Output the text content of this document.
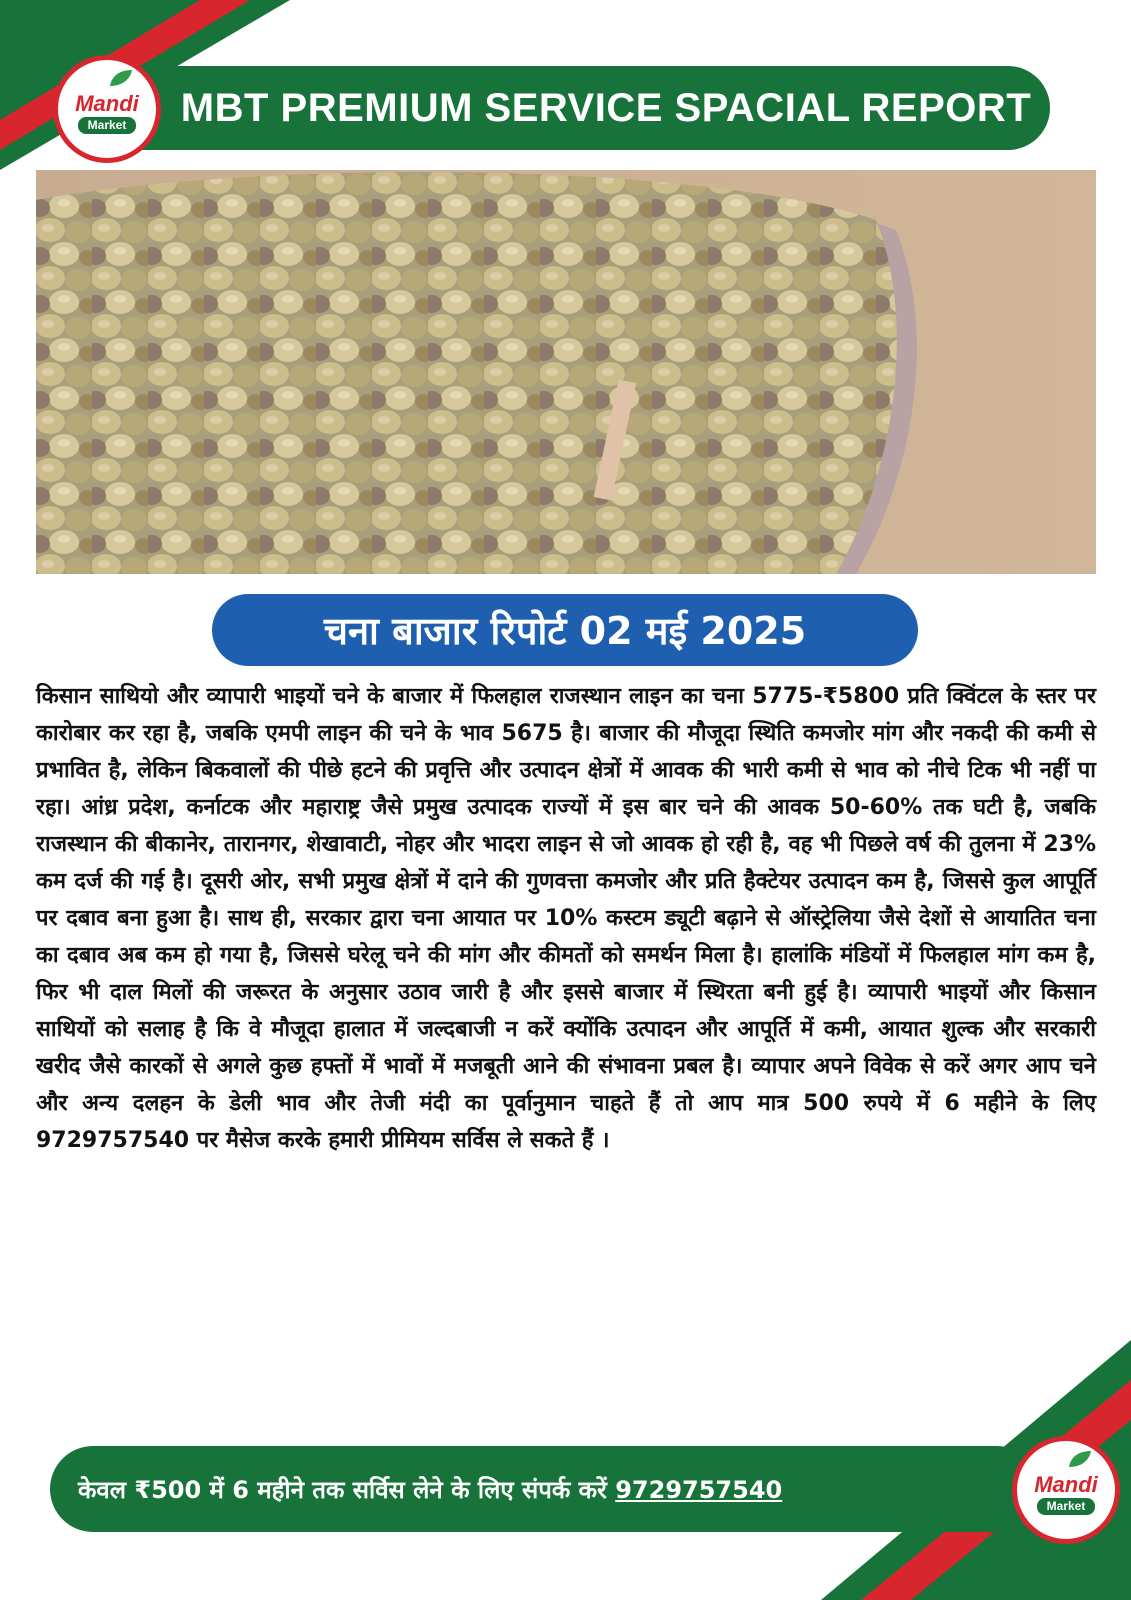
MBT PREMIUM SERVICE SPACIAL REPORT
Mandi
Market
चना बाजार रिपोर्ट 02 मई 2025

किसान साथियो और व्यापारी भाइयों चने के बाजार में फिलहाल राजस्थान लाइन का चना 5775-₹5800 प्रति क्विंटल के स्तर पर कारोबार कर रहा है, जबकि एमपी लाइन की चने के भाव 5675 है। बाजार की मौजूदा स्थिति कमजोर मांग और नकदी की कमी से प्रभावित है, लेकिन बिकवालों की पीछे हटने की प्रवृत्ति और उत्पादन क्षेत्रों में आवक की भारी कमी से भाव को नीचे टिक भी नहीं पा रहा। आंध्र प्रदेश, कर्नाटक और महाराष्ट्र जैसे प्रमुख उत्पादक राज्यों में इस बार चने की आवक 50-60% तक घटी है, जबकि राजस्थान की बीकानेर, तारानगर, शेखावाटी, नोहर और भादरा लाइन से जो आवक हो रही है, वह भी पिछले वर्ष की तुलना में 23% कम दर्ज की गई है। दूसरी ओर, सभी प्रमुख क्षेत्रों में दाने की गुणवत्ता कमजोर और प्रति हैक्टेयर उत्पादन कम है, जिससे कुल आपूर्ति पर दबाव बना हुआ है। साथ ही, सरकार द्वारा चना आयात पर 10% कस्टम ड्यूटी बढ़ाने से ऑस्ट्रेलिया जैसे देशों से आयातित चना का दबाव अब कम हो गया है, जिससे घरेलू चने की मांग और कीमतों को समर्थन मिला है। हालांकि मंडियों में फिलहाल मांग कम है, फिर भी दाल मिलों की जरूरत के अनुसार उठाव जारी है और इससे बाजार में स्थिरता बनी हुई है। व्यापारी भाइयों और किसान साथियों को सलाह है कि वे मौजूदा हालात में जल्दबाजी न करें क्योंकि उत्पादन और आपूर्ति में कमी, आयात शुल्क और सरकारी खरीद जैसे कारकों से अगले कुछ हफ्तों में भावों में मजबूती आने की संभावना प्रबल है। व्यापार अपने विवेक से करें अगर आप चने और अन्य दलहन के डेली भाव और तेजी मंदी का पूर्वानुमान चाहते हैं तो आप मात्र 500 रुपये में 6 महीने के लिए 9729757540 पर मैसेज करके हमारी प्रीमियम सर्विस ले सकते हैं ।

केवल ₹500 में 6 महीने तक सर्विस लेने के लिए संपर्क करें 9729757540	Mandi
Market
